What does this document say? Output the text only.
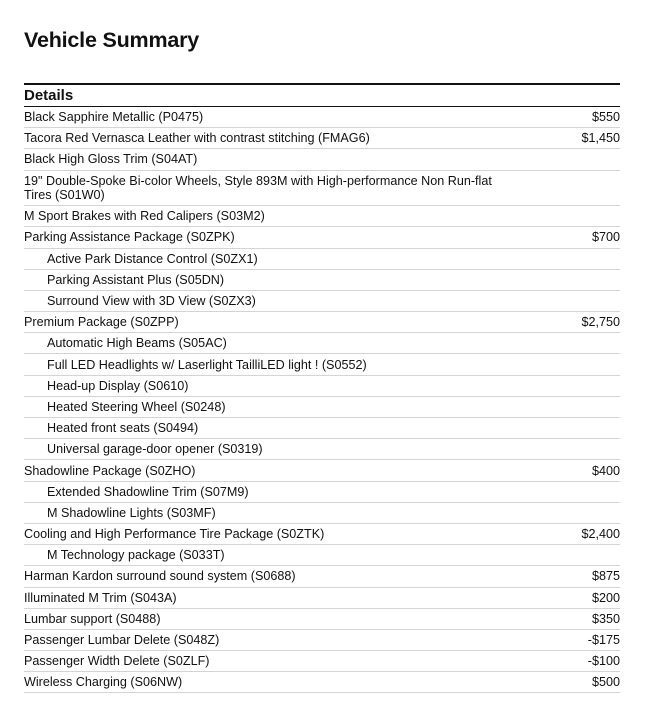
Vehicle Summary
Details
Black Sapphire Metallic (P0475)	$550
Tacora Red Vernasca Leather with contrast stitching (FMAG6)	$1,450
Black High Gloss Trim (S04AT)
19" Double-Spoke Bi-color Wheels, Style 893M with High-performance Non Run-flat Tires (S01W0)
M Sport Brakes with Red Calipers (S03M2)
Parking Assistance Package (S0ZPK)	$700
Active Park Distance Control (S0ZX1)
Parking Assistant Plus (S05DN)
Surround View with 3D View (S0ZX3)
Premium Package (S0ZPP)	$2,750
Automatic High Beams (S05AC)
Full LED Headlights w/ Laserlight TailliLED light ! (S0552)
Head-up Display (S0610)
Heated Steering Wheel (S0248)
Heated front seats (S0494)
Universal garage-door opener (S0319)
Shadowline Package (S0ZHO)	$400
Extended Shadowline Trim (S07M9)
M Shadowline Lights (S03MF)
Cooling and High Performance Tire Package (S0ZTK)	$2,400
M Technology package (S033T)
Harman Kardon surround sound system (S0688)	$875
Illuminated M Trim (S043A)	$200
Lumbar support (S0488)	$350
Passenger Lumbar Delete (S048Z)	-$175
Passenger Width Delete (S0ZLF)	-$100
Wireless Charging (S06NW)	$500
